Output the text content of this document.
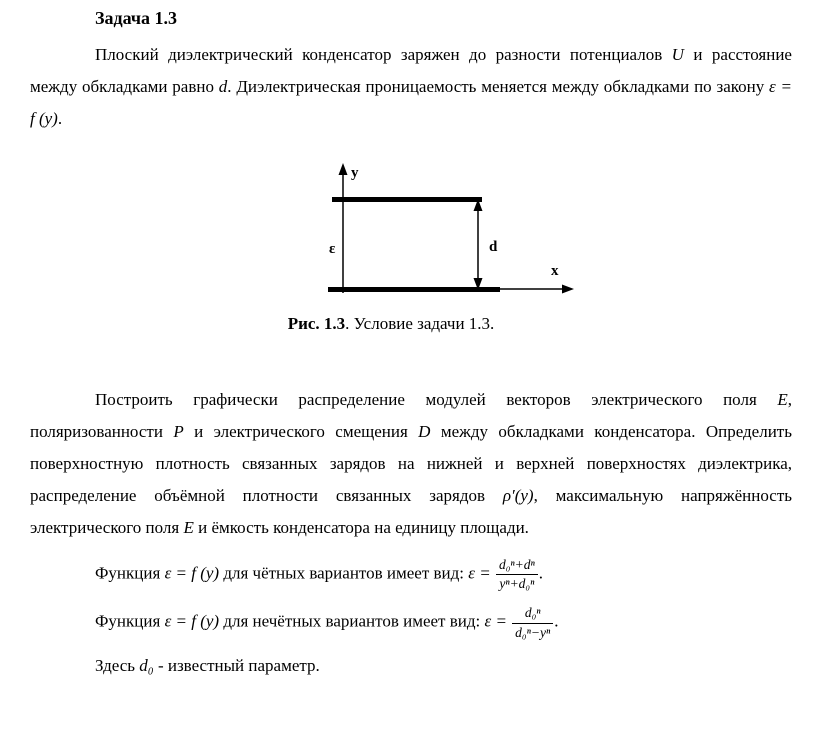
Задача 1.3

Плоский диэлектрический конденсатор заряжен до разности потенциалов U и расстояние между обкладками равно d. Диэлектрическая проницаемость меняется между обкладками по закону ε = f (y).

y
x
d
ε

Рис. 1.3. Условие задачи 1.3.

Построить графически распределение модулей векторов электрического поля E, поляризованности P и электрического смещения D между обкладками конденсатора. Определить поверхностную плотность связанных зарядов на нижней и верхней поверхностях диэлектрика, распределение объёмной плотности связанных зарядов ρ′(y), максимальную напряжённость электрического поля E и ёмкость конденсатора на единицу площади.

Функция ε = f (y) для чётных вариантов имеет вид: $\varepsilon = \frac{\text{d₀ⁿ+dⁿ}}{\text{yⁿ+d₀ⁿ}}$ .

Функция ε = f (y) для нечётных вариантов имеет вид: $\varepsilon = \frac{\text{d₀ⁿ}}{\text{d₀ⁿ−yⁿ}}$ .

Здесь d₀ - известный параметр.
